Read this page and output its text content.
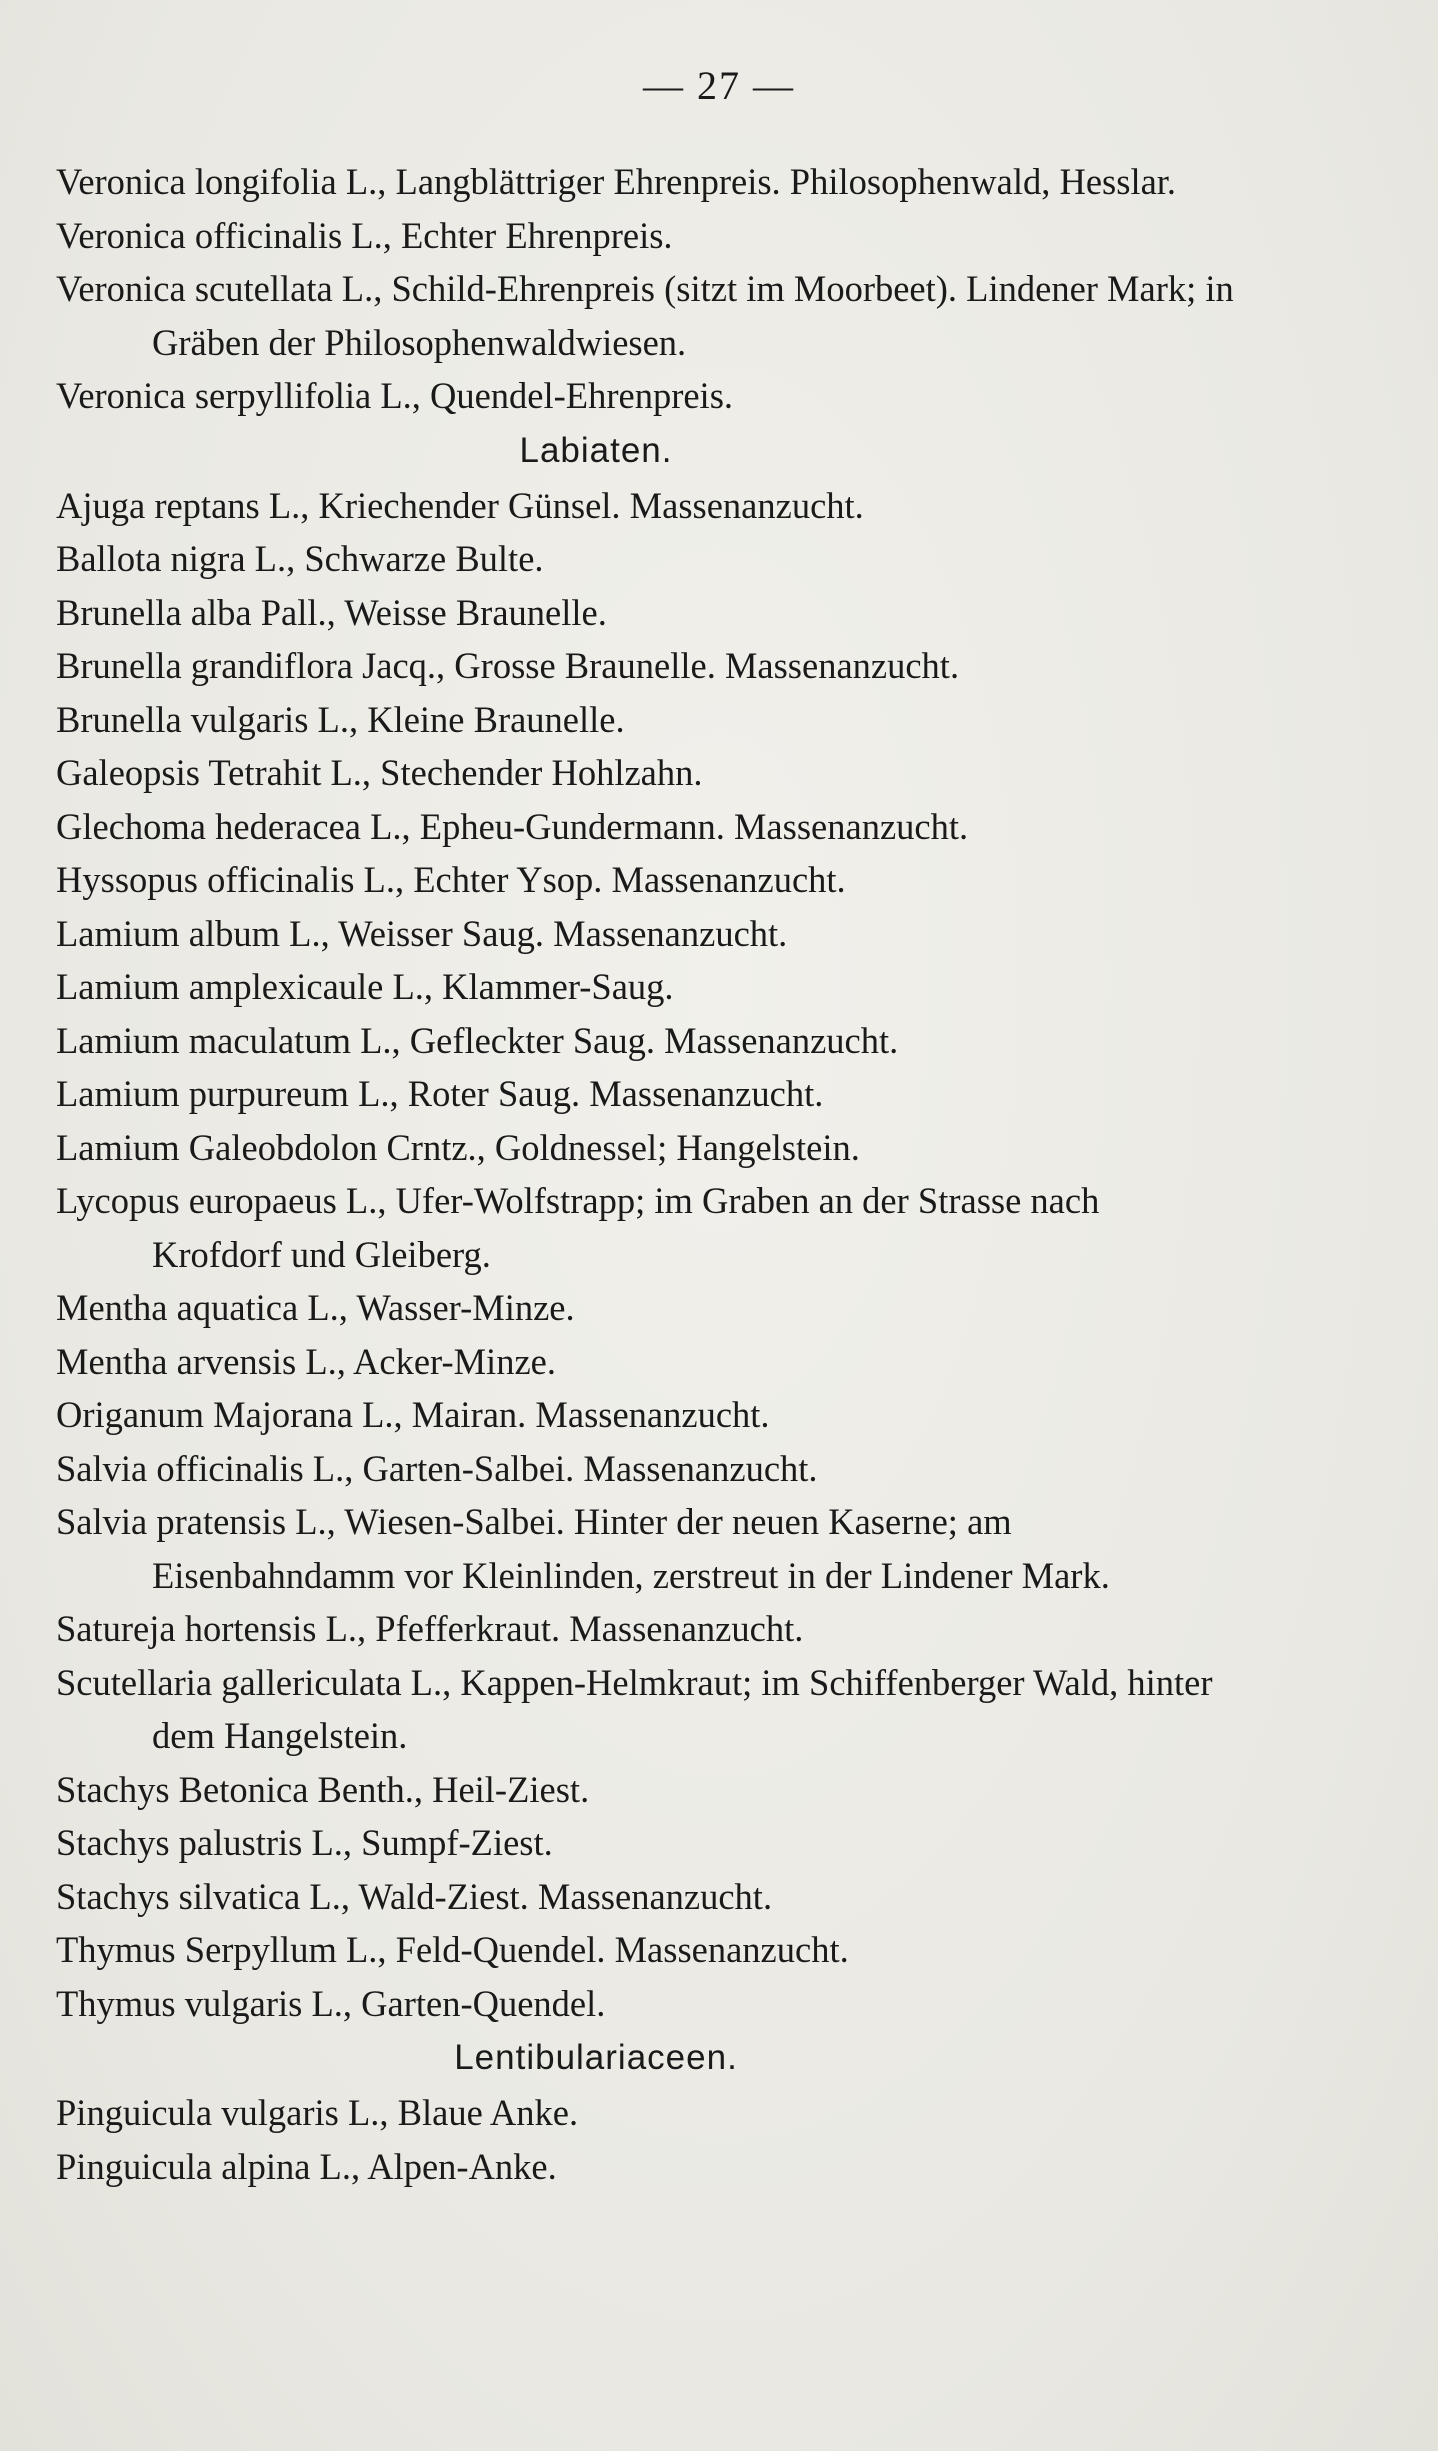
— 27 —
Veronica longifolia L., Langblättriger Ehrenpreis. Philosophenwald, Hesslar.
Veronica officinalis L., Echter Ehrenpreis.
Veronica scutellata L., Schild-Ehrenpreis (sitzt im Moorbeet). Lindener Mark; in Gräben der Philosophenwaldwiesen.
Veronica serpyllifolia L., Quendel-Ehrenpreis.
Labiaten.
Ajuga reptans L., Kriechender Günsel. Massenanzucht.
Ballota nigra L., Schwarze Bulte.
Brunella alba Pall., Weisse Braunelle.
Brunella grandiflora Jacq., Grosse Braunelle. Massenanzucht.
Brunella vulgaris L., Kleine Braunelle.
Galeopsis Tetrahit L., Stechender Hohlzahn.
Glechoma hederacea L., Epheu-Gundermann. Massenanzucht.
Hyssopus officinalis L., Echter Ysop. Massenanzucht.
Lamium album L., Weisser Saug. Massenanzucht.
Lamium amplexicaule L., Klammer-Saug.
Lamium maculatum L., Gefleckter Saug. Massenanzucht.
Lamium purpureum L., Roter Saug. Massenanzucht.
Lamium Galeobdolon Crntz., Goldnessel; Hangelstein.
Lycopus europaeus L., Ufer-Wolfstrapp; im Graben an der Strasse nach Krofdorf und Gleiberg.
Mentha aquatica L., Wasser-Minze.
Mentha arvensis L., Acker-Minze.
Origanum Majorana L., Mairan. Massenanzucht.
Salvia officinalis L., Garten-Salbei. Massenanzucht.
Salvia pratensis L., Wiesen-Salbei. Hinter der neuen Kaserne; am Eisenbahndamm vor Kleinlinden, zerstreut in der Lindener Mark.
Satureja hortensis L., Pfefferkraut. Massenanzucht.
Scutellaria gallericulata L., Kappen-Helmkraut; im Schiffenberger Wald, hinter dem Hangelstein.
Stachys Betonica Benth., Heil-Ziest.
Stachys palustris L., Sumpf-Ziest.
Stachys silvatica L., Wald-Ziest. Massenanzucht.
Thymus Serpyllum L., Feld-Quendel. Massenanzucht.
Thymus vulgaris L., Garten-Quendel.
Lentibulariaceen.
Pinguicula vulgaris L., Blaue Anke.
Pinguicula alpina L., Alpen-Anke.
